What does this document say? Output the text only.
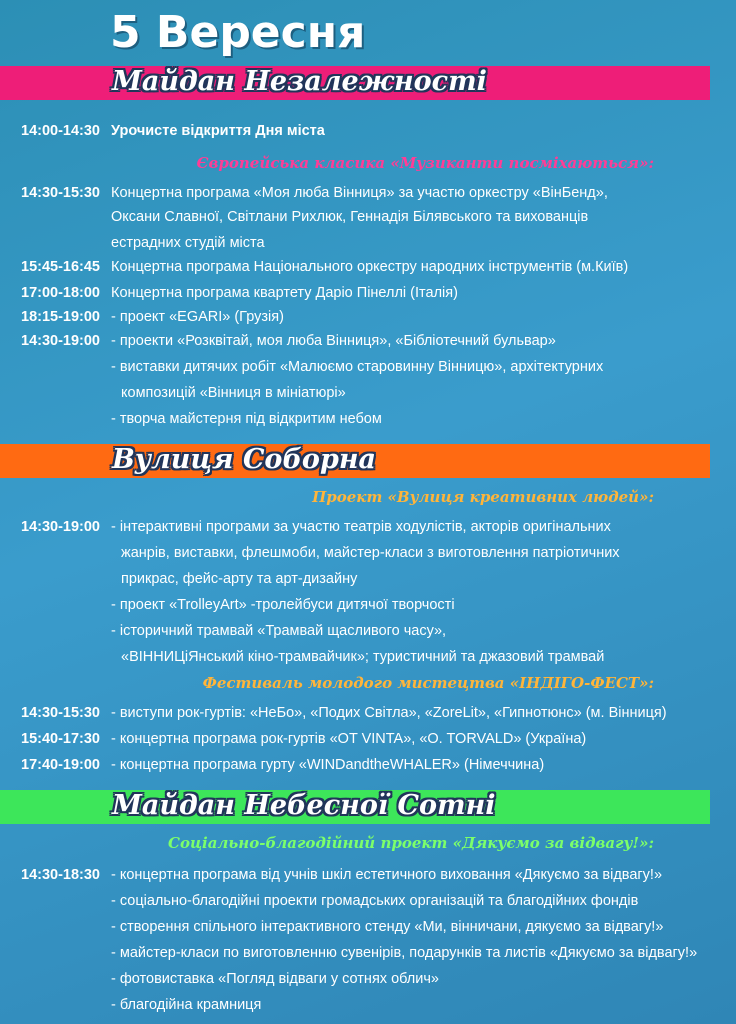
5 Вересня
Майдан Незалежності
14:00-14:30 Урочисте відкриття Дня міста
Європейська класика «Музиканти посміхаються»:
14:30-15:30 Концертна програма «Моя люба Вінниця» за участю оркестру «ВінБенд»,
Оксани Славної, Світлани Рихлюк, Геннадія Білявського та вихованців
естрадних студій міста
15:45-16:45 Концертна програма Національного оркестру народних інструментів (м.Київ)
17:00-18:00 Концертна програма квартету Даріо Пінеллі (Італія)
18:15-19:00 - проект «EGARI» (Грузія)
14:30-19:00 - проекти «Розквітай, моя люба Вінниця», «Бібліотечний бульвар»
- виставки дитячих робіт «Малюємо старовинну Вінницю», архітектурних
композицій «Вінниця в мініатюрі»
- творча майстерня під відкритим небом
Вулиця Соборна
Проект «Вулиця креативних людей»:
14:30-19:00 - інтерактивні програми за участю театрів ходулістів, акторів оригінальних
жанрів, виставки, флешмоби, майстер-класи з виготовлення патріотичних
прикрас, фейс-арту та арт-дизайну
- проект «TrolleyArt» -тролейбуси дитячої творчості
- історичний трамвай «Трамвай щасливого часу»,
«ВІННИЦіЯнський кіно-трамвайчик»; туристичний та джазовий трамвай
Фестиваль молодого мистецтва «ІНДІГО-ФЕСТ»:
14:30-15:30 - виступи рок-гуртів: «НеБо», «Подих Світла», «ZoreLit», «Гипнотюнс» (м. Вінниця)
15:40-17:30 - концертна програма рок-гуртів «OT VINTA», «O. TORVALD» (Україна)
17:40-19:00 - концертна програма гурту «WINDandtheWHALER» (Німеччина)
Майдан Небесної Сотні
Соціально-благодійний проект «Дякуємо за відвагу!»:
14:30-18:30 - концертна програма від учнів шкіл естетичного виховання «Дякуємо за відвагу!»
- соціально-благодійні проекти громадських організацій та благодійних фондів
- створення спільного інтерактивного стенду «Ми, вінничани, дякуємо за відвагу!»
- майстер-класи по виготовленню сувенірів, подарунків та листів «Дякуємо за відвагу!»
- фотовиставка «Погляд відваги у сотнях облич»
- благодійна крамниця
